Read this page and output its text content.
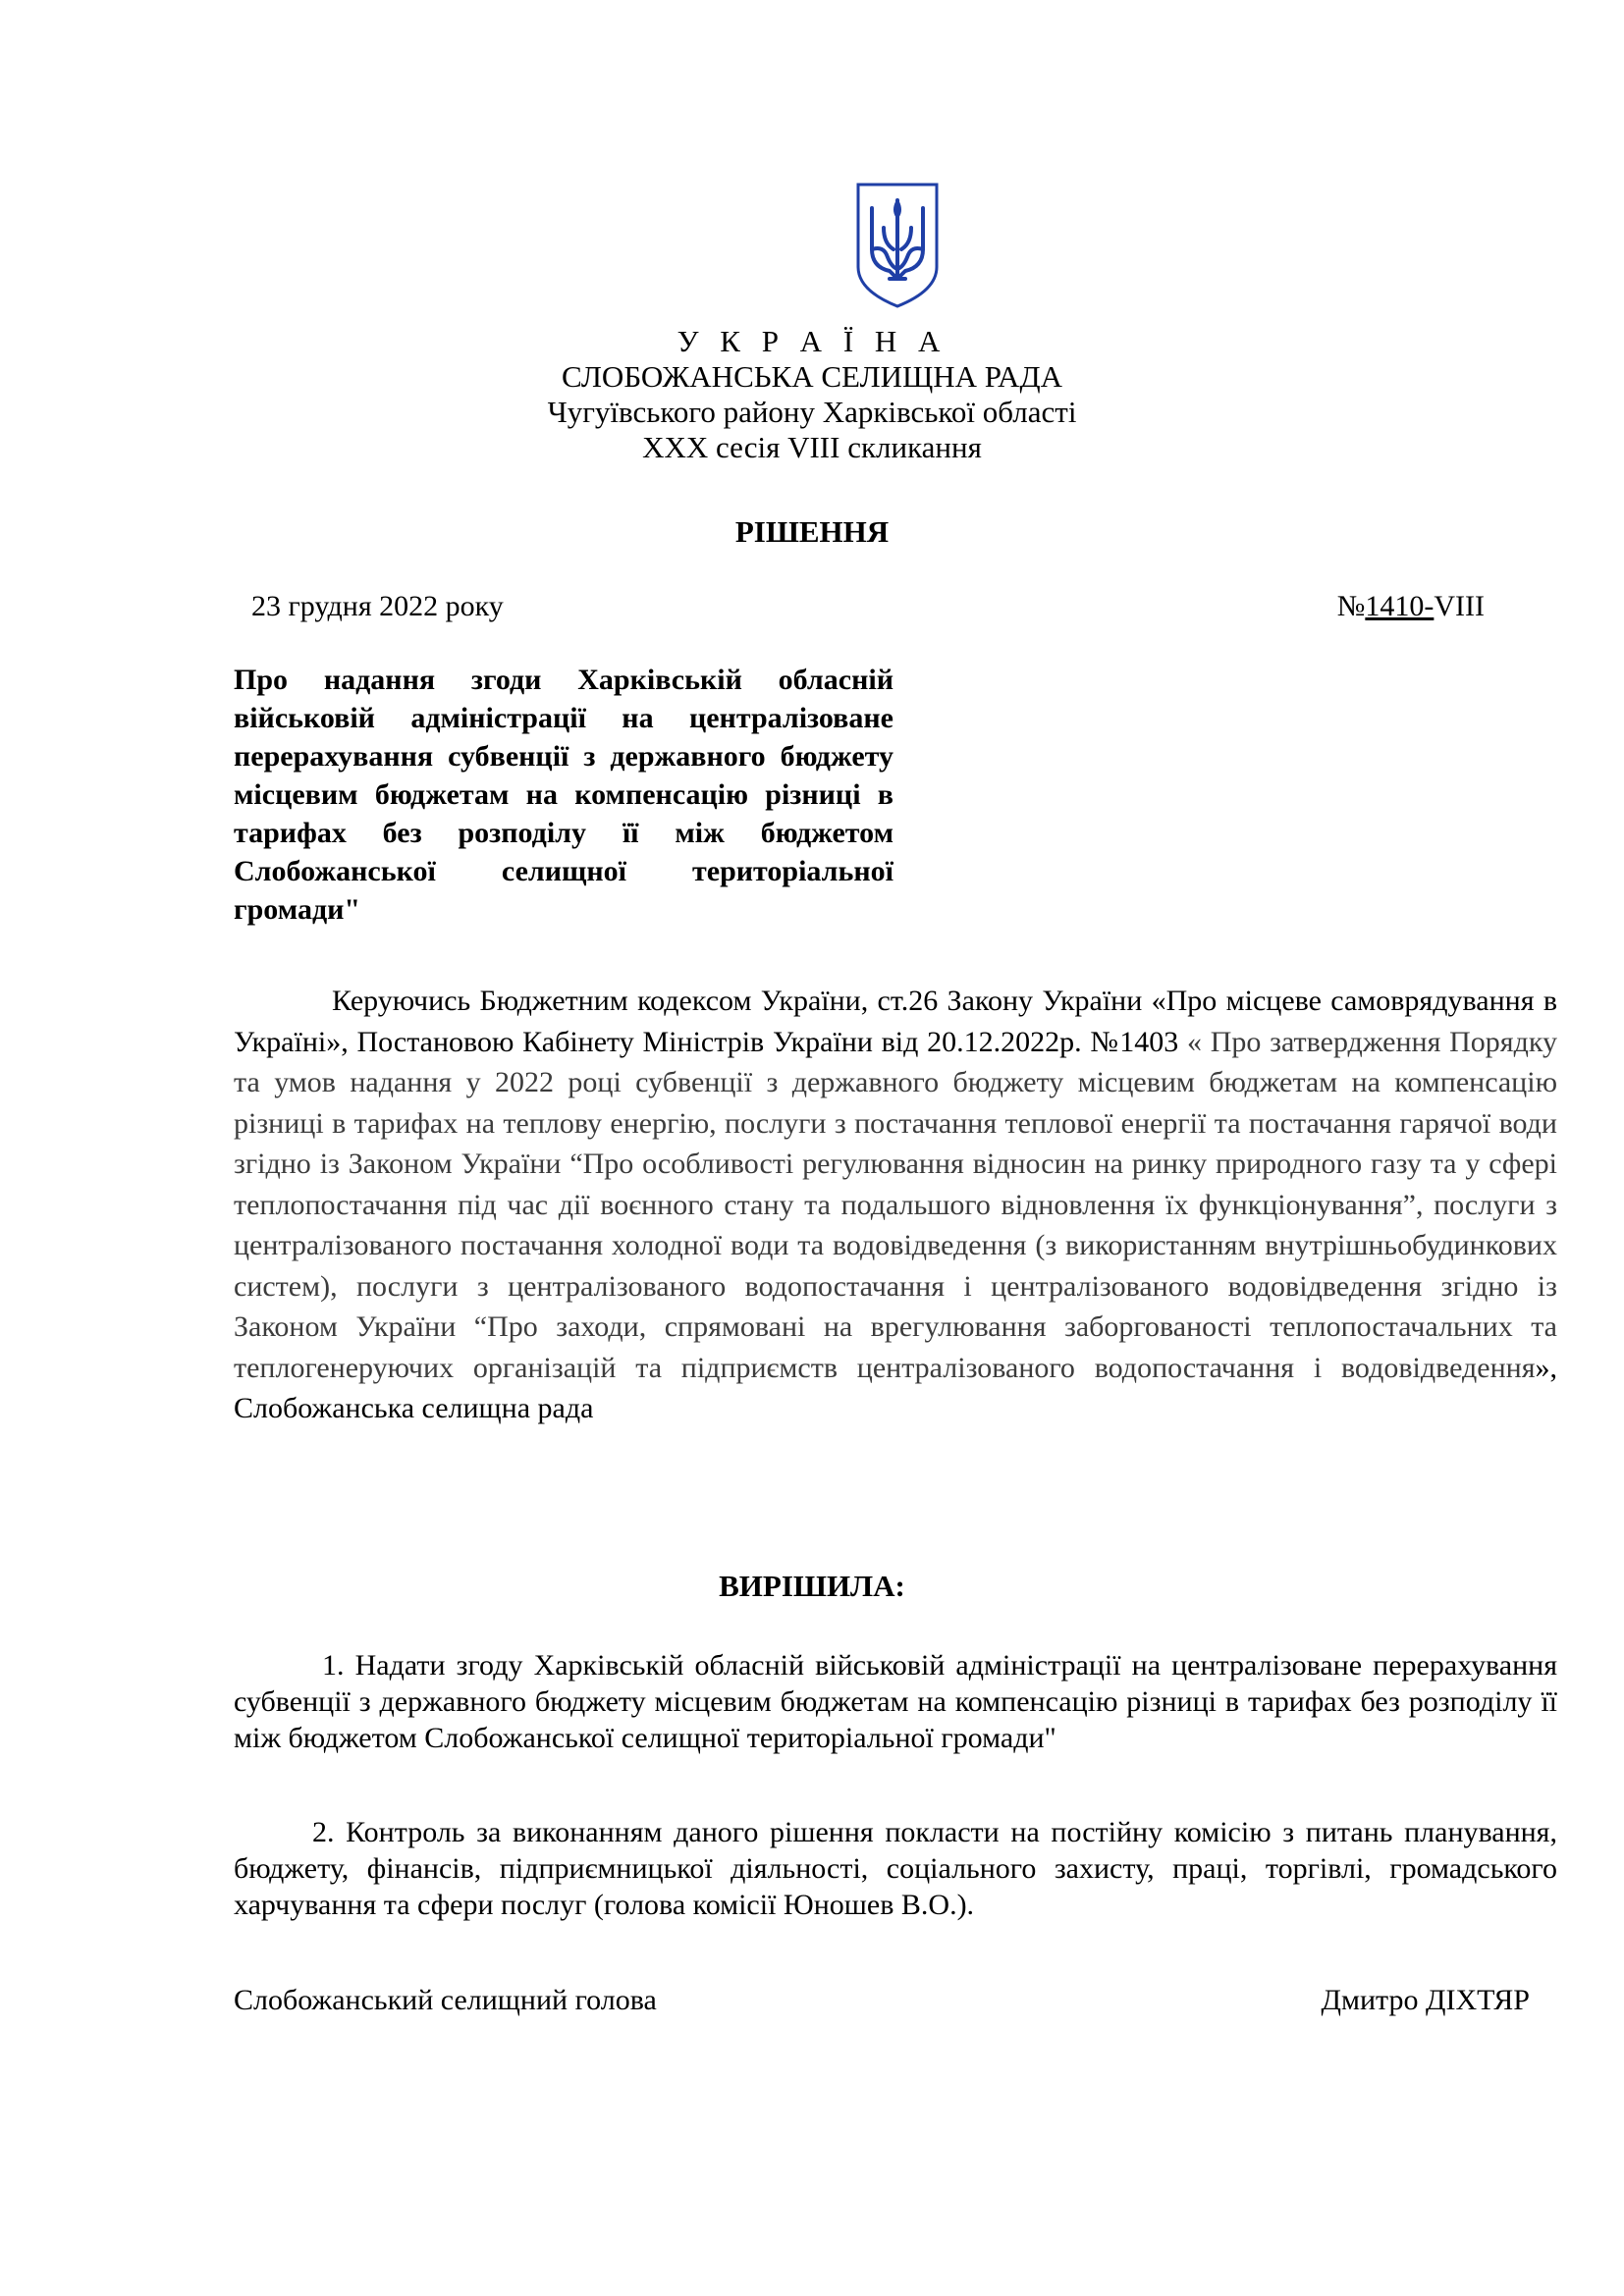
У К Р А Ї Н А
СЛОБОЖАНСЬКА СЕЛИЩНА РАДА
Чугуївського району Харківської області
XXX сесія VIII скликання
РІШЕННЯ
23 грудня 2022 року	№1410-VIII
Про надання згоди Харківській обласній військовій адміністрації на централізоване перерахування субвенції з державного бюджету місцевим бюджетам на компенсацію різниці в тарифах без розподілу її між бюджетом Слобожанської селищної територіальної громади"
Керуючись Бюджетним кодексом України, ст.26 Закону України «Про місцеве самоврядування в Україні», Постановою Кабінету Міністрів України від 20.12.2022р. №1403 « Про затвердження Порядку та умов надання у 2022 році субвенції з державного бюджету місцевим бюджетам на компенсацію різниці в тарифах на теплову енергію, послуги з постачання теплової енергії та постачання гарячої води згідно із Законом України “Про особливості регулювання відносин на ринку природного газу та у сфері теплопостачання під час дії воєнного стану та подальшого відновлення їх функціонування”, послуги з централізованого постачання холодної води та водовідведення (з використанням внутрішньобудинкових систем), послуги з централізованого водопостачання і централізованого водовідведення згідно із Законом України “Про заходи, спрямовані на врегулювання заборгованості теплопостачальних та теплогенеруючих організацій та підприємств централізованого водопостачання і водовідведення», Слобожанська селищна рада
ВИРІШИЛА:
1. Надати згоду Харківській обласній військовій адміністрації на централізоване перерахування субвенції з державного бюджету місцевим бюджетам на компенсацію різниці в тарифах без розподілу її між бюджетом Слобожанської селищної територіальної громади"
2. Контроль за виконанням даного рішення покласти на постійну комісію з питань планування, бюджету, фінансів, підприємницької діяльності, соціального захисту, праці, торгівлі, громадського харчування та сфери послуг (голова комісії Юношев В.О.).
Слобожанський селищний голова	Дмитро ДІХТЯР
